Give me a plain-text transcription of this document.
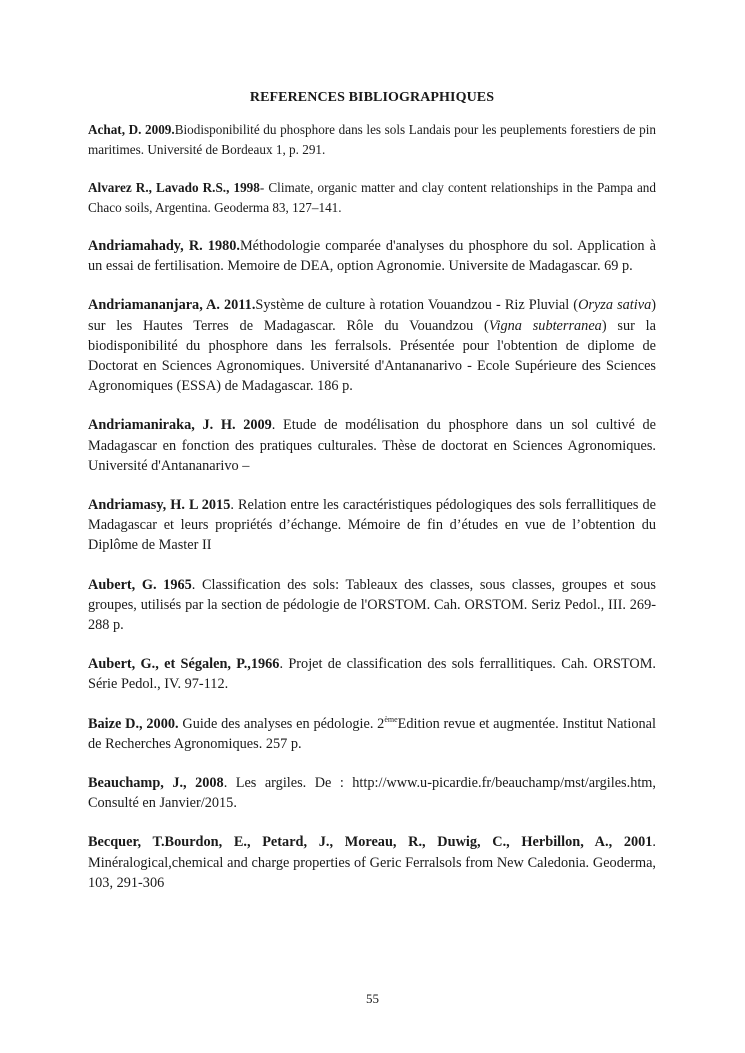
REFERENCES BIBLIOGRAPHIQUES

Achat, D. 2009.Biodisponibilité du phosphore dans les sols Landais pour les peuplements forestiers de pin maritimes. Université de Bordeaux 1, p. 291.

Alvarez R., Lavado R.S., 1998- Climate, organic matter and clay content relationships in the Pampa and Chaco soils, Argentina. Geoderma 83, 127–141.

Andriamahady, R. 1980.Méthodologie comparée d'analyses du phosphore du sol. Application à un essai de fertilisation. Memoire de DEA, option Agronomie. Universite de Madagascar. 69 p.

Andriamananjara, A. 2011.Système de culture à rotation Vouandzou - Riz Pluvial (Oryza sativa) sur les Hautes Terres de Madagascar. Rôle du Vouandzou (Vigna subterranea) sur la biodisponibilité du phosphore dans les ferralsols. Présentée pour l'obtention de diplome de Doctorat en Sciences Agronomiques. Université d'Antananarivo - Ecole Supérieure des Sciences Agronomiques (ESSA) de Madagascar. 186 p.

Andriamaniraka, J. H. 2009. Etude de modélisation du phosphore dans un sol cultivé de Madagascar en fonction des pratiques culturales. Thèse de doctorat en Sciences Agronomiques. Université d'Antananarivo –

Andriamasy, H. L 2015. Relation entre les caractéristiques pédologiques des sols ferrallitiques de Madagascar et leurs propriétés d’échange. Mémoire de fin d’études en vue de l’obtention du Diplôme de Master II

Aubert, G. 1965. Classification des sols: Tableaux des classes, sous classes, groupes et sous groupes, utilisés par la section de pédologie de l'ORSTOM. Cah. ORSTOM. Seriz Pedol., III. 269-288 p.

Aubert, G., et Ségalen, P.,1966. Projet de classification des sols ferrallitiques. Cah. ORSTOM. Série Pedol., IV. 97-112.

Baize D., 2000. Guide des analyses en pédologie. 2èmeEdition revue et augmentée. Institut National de Recherches Agronomiques. 257 p.

Beauchamp, J., 2008. Les argiles. De : http://www.u-picardie.fr/beauchamp/mst/argiles.htm, Consulté en Janvier/2015.

Becquer, T.Bourdon, E., Petard, J., Moreau, R., Duwig, C., Herbillon, A., 2001. Minéralogical,chemical and charge properties of Geric Ferralsols from New Caledonia. Geoderma, 103, 291-306

55
